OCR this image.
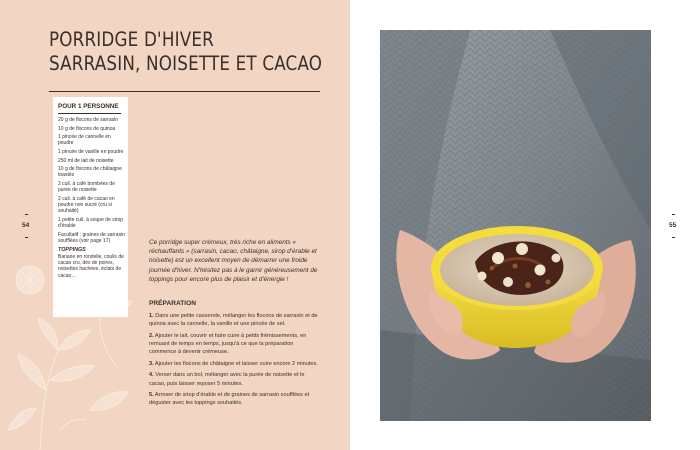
PORRIDGE D'HIVER
SARRASIN, NOISETTE ET CACAO
54
POUR 1 PERSONNE
20 g de flocons de sarrasin
10 g de flocons de quinoa
1 pincée de cannelle en poudre
1 pincée de vanille en poudre
250 ml de lait de noisette
10 g de flocons de châtaigne toastés
2 cuil. à café bombées de purée de noisette
2 cuil. à café de cacao en poudre non sucré (cru si souhaité)
1 petite cuil. à soupe de sirop d'érable
Facultatif : graines de sarrasin soufflées (voir page 17)
TOPPINGS
Banane en rondelle, coulis de cacao cru, dés de poires, noisettes hachées, éclats de cacao…
Ce porridge super crémeux, très riche en aliments « réchauffants » (sarrasin, cacao, châtaigne, sirop d'érable et noisette) est un excellent moyen de démarrer une froide journée d'hiver. N'hésitez pas à le garnir généreusement de toppings pour encore plus de plaisir et d'énergie !
PRÉPARATION
1. Dans une petite casserole, mélanger les flocons de sarrasin et de quinoa avec la cannelle, la vanille et une pincée de sel.
2. Ajouter le lait, couvrir et faire cuire à petits frémissements, en remuant de temps en temps, jusqu'à ce que la préparation commence à devenir crémeuse.
3. Ajouter les flocons de châtaigne et laisser cuire encore 2 minutes.
4. Verser dans un bol, mélanger avec la purée de noisette et le cacao, puis laisser reposer 5 minutes.
5. Arroser de sirop d'érable et de graines de sarrasin soufflées et déguster avec les toppings souhaités.
55
